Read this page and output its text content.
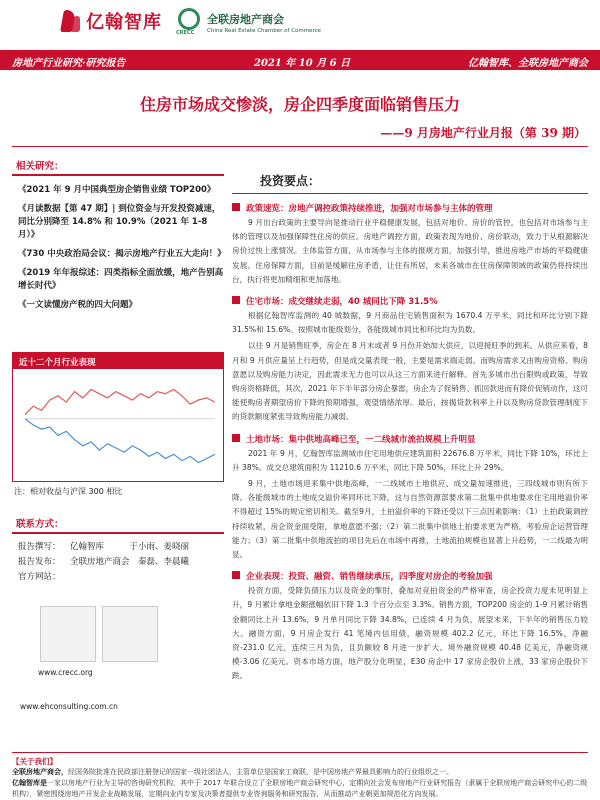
亿翰智库	CRECC
全联房地产商会
China Real Estate Chamber of Commerce
房地产行业研究·研究报告	2021 年 10 月 6 日	亿翰智库、全联房地产商会
住房市场成交惨淡，房企四季度面临销售压力
——9 月房地产行业月报（第 39 期）
相关研究：
《2021 年 9 月中国典型房企销售业绩 TOP200》
《月读数据【第 47 期】| 到位资金与开发投资减速，同比分别降至 14.8% 和 10.9%（2021 年 1-8 月）》
《730 中央政治局会议：揭示房地产行业五大走向！》
《2019 年年报综述：四类指标全面放缓，地产告别高增长时代》
《一文读懂房产税的四大问题》
近十二个月行业表现
注：相对收益与沪深 300 相比
联系方式：
报告撰写：	亿翰智库　　　于小雨、姜晓丽
报告发布：	全联房地产商会　秦磊、李晨曦
官方网站：
www.crecc.org
www.ehconsulting.com.cn
投资要点：
政策速览：房地产调控政策持续推进，加强对市场参与主体的管理
9 月出台政策的主要导向是推动行业平稳健康发展，包括对地价、房价的管控，也包括对市场参与主体的管理以及加强保障性住房的供应。房地产调控方面，政策表现为地价、房价联动，致力于从根源解决房价过快上涨情况。主体监管方面，从市场参与主体的报规方面，加强引导，推进房地产市场的平稳健康发展。住房保障方面，目前是缓解住房矛盾，让住有所居，未来各城市在住房保障领域的政策仍将持续出台，执行将更加精细和更加落地。
住宅市场：成交继续走弱，40 城同比下降 31.5%
根据亿翰智库监测的 40 城数据，9 月商品住宅销售面积为 1670.4 万平米，同比和环比分别下降 31.5%和 15.6%。按照城市能级划分，各能级城市同比和环比均为负数。
以往 9 月是销售旺季，房企在 8 月末或者 9 月份开始加大供应，以迎接旺季的到来。从供应来看，8 月和 9 月供应量呈上行趋势，但是成交量表现一般，主要是需求端走弱。而购房需求又由购房资格、购房意愿以及购房能力决定，因此需求无力也可以从这三方面来进行解释。首先多城市出台限购或政策，导致购房资格降低，其次，2021 年下半年部分房企暴雷，房企为了促销售、抓回款进而有降价促销动作，这可能使购房者期望房价下降的预期增强，观望情绪浓厚。最后，按揭贷款利率上升以及购房贷款管理制度下的贷款额度紧张导致购房能力减弱。
土地市场：集中供地高峰已至，一二线城市流拍规模上升明显
2021 年 9 月，亿翰智库监测城市住宅用地供应建筑面积 22676.8 万平米，同比下降 10%，环比上升 38%。成交总建筑面积为 11210.6 万平米，同比下降 50%，环比上升 29%。
9 月，土地市场迎来集中供地高峰，一二线城市土地供应、成交量加速推进，三四线城市则有所下降。各能级城市的土地成交溢价率同环比下降，这与自然资源部要求第二批集中供地要求住宅用地溢价率不得超过 15%的规定密切相关。截至9月，土拍溢价率的下降还受以下三点因素影响：（1）土拍政策调控持续收紧，房企资金面受限，拿地意愿不强；（2）第二批集中供地土拍要求更为严格，考验房企运营管理能力；（3）第二批集中供地流拍的项目先后在市场中再推，土地流拍规模也显著上升趋势，一二线最为明显。
企业表现：投资、融资、销售继续承压，四季度对房企的考验加强
投资方面，受降负债压力以及资金的掣肘，叠加对竞拍资金的严格审查，房企投资力度未见明显上升，9 月累计拿地金额涨幅依旧下降 1.3 个百分点至 3.3%。销售方面，TOP200 房企的 1-9 月累计销售金额同比上升 13.6%，9 月单月同比下降 34.8%，已连续 4 月为负，展望未来，下半年的销售压力较大。融资方面，9 月房企发行 41 笔境内信用债，融资规模 402.2 亿元，环比下降 16.5%，净融资-231.0 亿元，连续三月为负，且负额较 8 月进一步扩大。境外融资规模 40.48 亿美元，净融资规模-3.06 亿美元。资本市场方面，地产股分化明显，E30 房企中 17 家房企股价上涨，33 家房企股价下跌。
【关于我们】
全联房地产商会，经国务院批准在民政部注册登记的国家一级社团法人，主管单位是国家工商联，是中国房地产界最具影响力的行业组织之一。
亿翰智库是一家以房地产行业为主导的咨询研究机构，其中于 2017 年联合设立了全联房地产商会研究中心，定期向社会发布房地产行业研究报告（隶属于全联房地产商会研究中心的二级机构），紧密围绕房地产开发企业战略发展，定期向业内专家及决策者提供专业咨询服务和研究报告，从而推动产业朝更加规范化方向发展。
